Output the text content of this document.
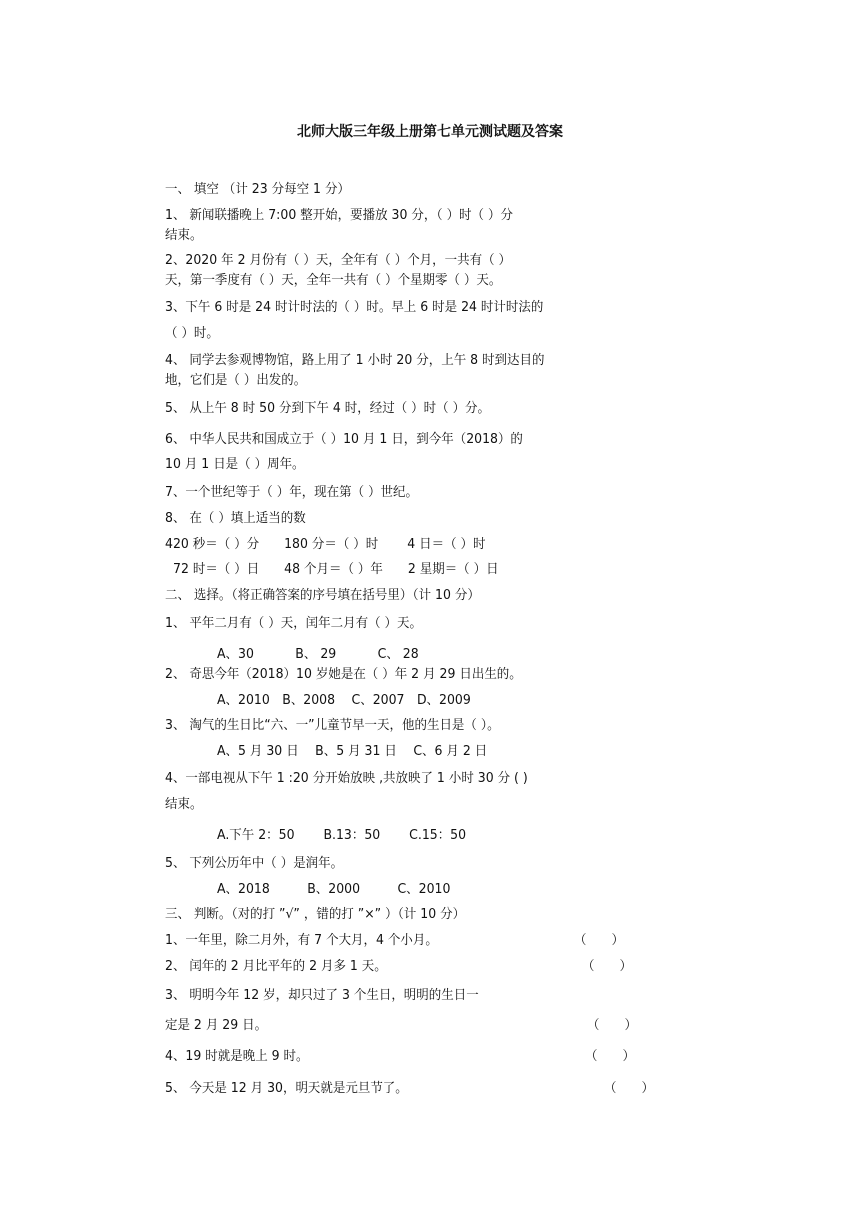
北师大版三年级上册第七单元测试题及答案
一、 填空 （计 23 分每空 1 分）
1、 新闻联播晚上 7:00 整开始，要播放 30 分，（ ）时（ ）分
结束。
2、2020 年 2 月份有（ ）天，全年有（ ）个月，一共有（ ）
天，第一季度有（ ）天，全年一共有（ ）个星期零（ ）天。
3、下午 6 时是 24 时计时法的（ ）时。早上 6 时是 24 时计时法的
（ ）时。
4、 同学去参观博物馆，路上用了 1 小时 20 分，上午 8 时到达目的
地，它们是（ ）出发的。
5、 从上午 8 时 50 分到下午 4 时，经过（ ）时（ ）分。
6、 中华人民共和国成立于（ ）10 月 1 日，到今年（2018）的
10 月 1 日是（ ）周年。
7、一个世纪等于（ ）年，现在第（ ）世纪。
8、 在（ ）填上适当的数
420 秒＝（ ）分　　180 分＝（ ）时　　 4 日＝（ ）时
72 时＝（ ）日　　48 个月＝（ ）年　　2 星期＝（ ）日
二、 选择。（将正确答案的序号填在括号里）（计 10 分）
1、 平年二月有（ ）天，闰年二月有（ ）天。
A、30　　　 B、 29　　　 C、 28
2、 奇思今年（2018）10 岁她是在（ ）年 2 月 29 日出生的。
A、2010　B、2008　 C、2007　D、2009
3、 淘气的生日比“六、一”儿童节早一天，他的生日是（ ）。
A、5 月 30 日　 B、5 月 31 日　 C、6 月 2 日
4、一部电视从下午 1 :20 分开始放映 ,共放映了 1 小时 30 分 ( )
结束。
A.下午 2：50　　 B.13：50　　 C.15：50
5、 下列公历年中（ ）是润年。
A、2018　　　B、2000　　　C、2010
三、 判断。（对的打 ”√” ，错的打 ”×” ）（计 10 分）
1、一年里，除二月外，有 7 个大月，4 个小月。	（　　）
2、 闰年的 2 月比平年的 2 月多 1 天。	（　　）
3、 明明今年 12 岁，却只过了 3 个生日，明明的生日一
定是 2 月 29 日。	（　　）
4、19 时就是晚上 9 时。	（　　）
5、 今天是 12 月 30，明天就是元旦节了。	（　　）
